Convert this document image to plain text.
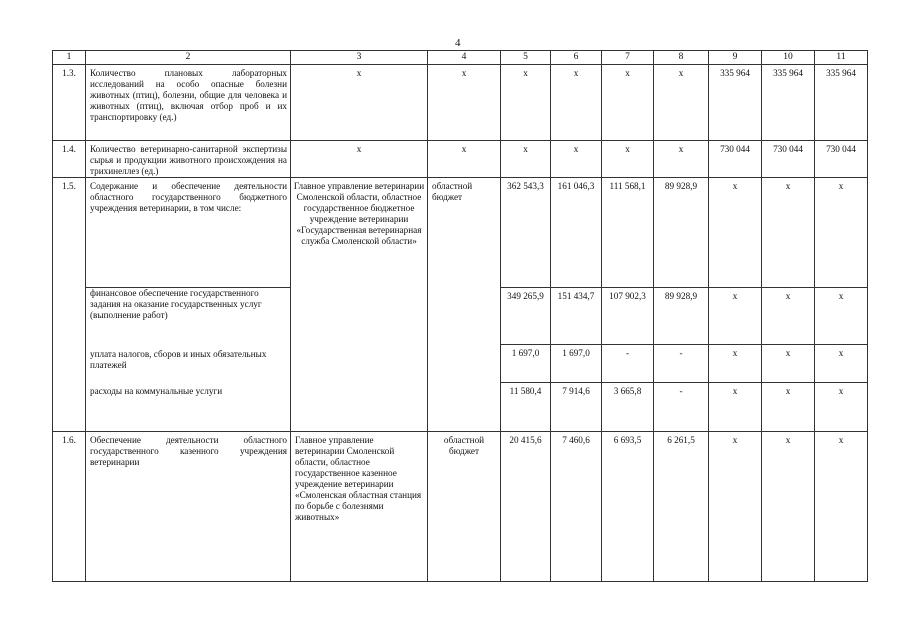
4
1	2	3	4	5	6	7	8	9	10	11
1.3.	Количество плановых лабораторных исследований на особо опасные болезни животных (птиц), болезни, общие для человека и животных (птиц), включая отбор проб и их транспортировку (ед.)	х	х	х	х	х	х	335 964	335 964	335 964
1.4.	Количество ветеринарно-санитарной экспертизы сырья и продукции животного происхождения на трихинеллез (ед.)	х	х	х	х	х	х	730 044	730 044	730 044
1.5.	Содержание и обеспечение деятельности областного государственного бюджетного учреждения ветеринарии, в том числе:	Главное управление ветеринарии Смоленской области, областное государственное бюджетное учреждение ветеринарии «Государственная ветеринарная служба Смоленской области»	областной бюджет	362 543,3	161 046,3	111 568,1	89 928,9	х	х	х
	финансовое обеспечение государственного задания на оказание государственных услуг (выполнение работ)			349 265,9	151 434,7	107 902,3	89 928,9	х	х	х
	уплата налогов, сборов и иных обязательных платежей			1 697,0	1 697,0	-	-	х	х	х
	расходы на коммунальные услуги			11 580,4	7 914,6	3 665,8	-	х	х	х
1.6.	Обеспечение деятельности областного государственного казенного учреждения ветеринарии	Главное управление ветеринарии Смоленской области, областное государственное казенное учреждение ветеринарии «Смоленская областная станция по борьбе с болезнями животных»	областной бюджет	20 415,6	7 460,6	6 693,5	6 261,5	х	х	х
